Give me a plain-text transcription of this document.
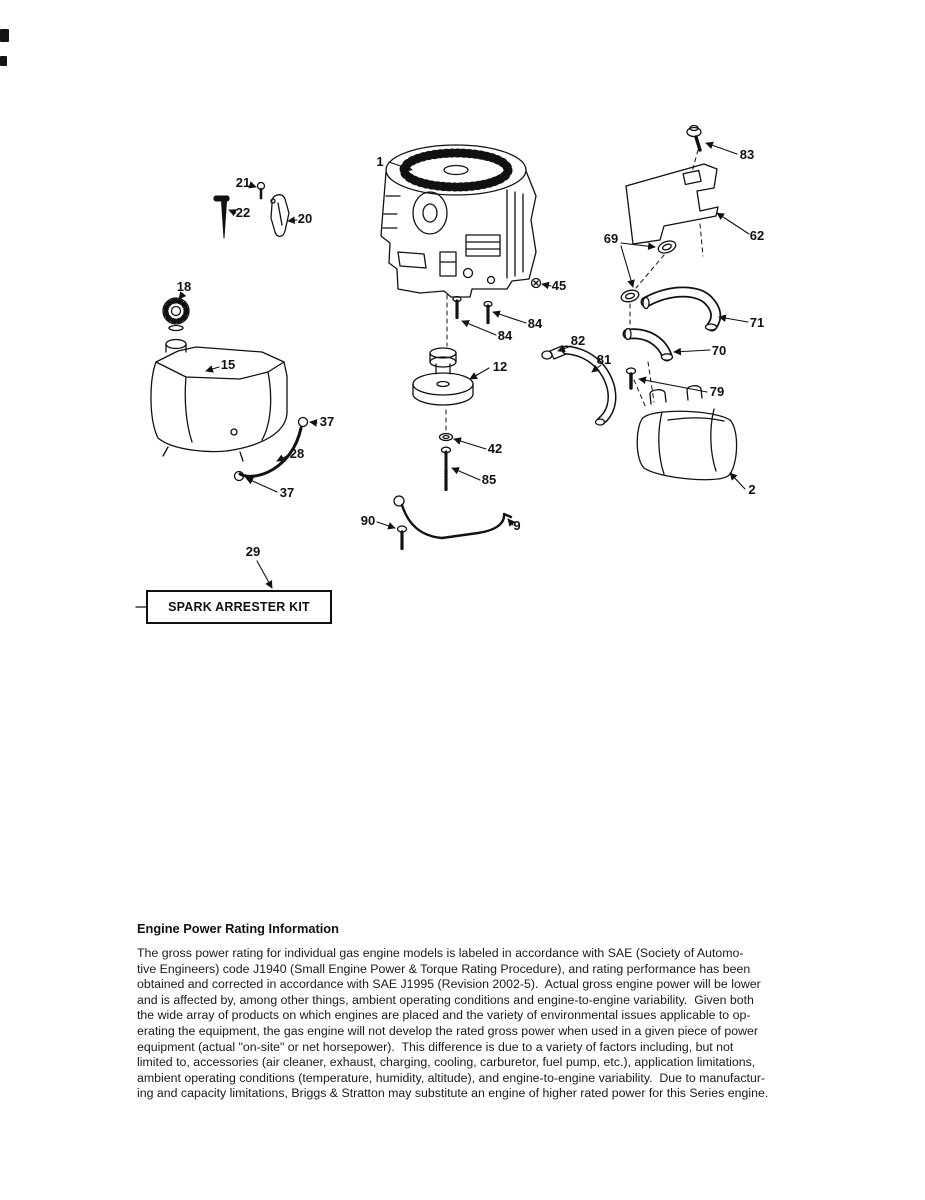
1
21
22	20
83
62
69
71
70
45
84
84	82
81
79
12
42
85
2
18
15
37
28
37
90	9
29
SPARK ARRESTER KIT
Engine Power Rating Information
The gross power rating for individual gas engine models is labeled in accordance with SAE (Society of Automo-
tive Engineers) code J1940 (Small Engine Power & Torque Rating Procedure), and rating performance has been
obtained and corrected in accordance with SAE J1995 (Revision 2002-5).  Actual gross engine power will be lower
and is affected by, among other things, ambient operating conditions and engine-to-engine variability.  Given both
the wide array of products on which engines are placed and the variety of environmental issues applicable to op-
erating the equipment, the gas engine will not develop the rated gross power when used in a given piece of power
equipment (actual "on-site" or net horsepower).  This difference is due to a variety of factors including, but not
limited to, accessories (air cleaner, exhaust, charging, cooling, carburetor, fuel pump, etc.), application limitations,
ambient operating conditions (temperature, humidity, altitude), and engine-to-engine variability.  Due to manufactur-
ing and capacity limitations, Briggs & Stratton may substitute an engine of higher rated power for this Series engine.
